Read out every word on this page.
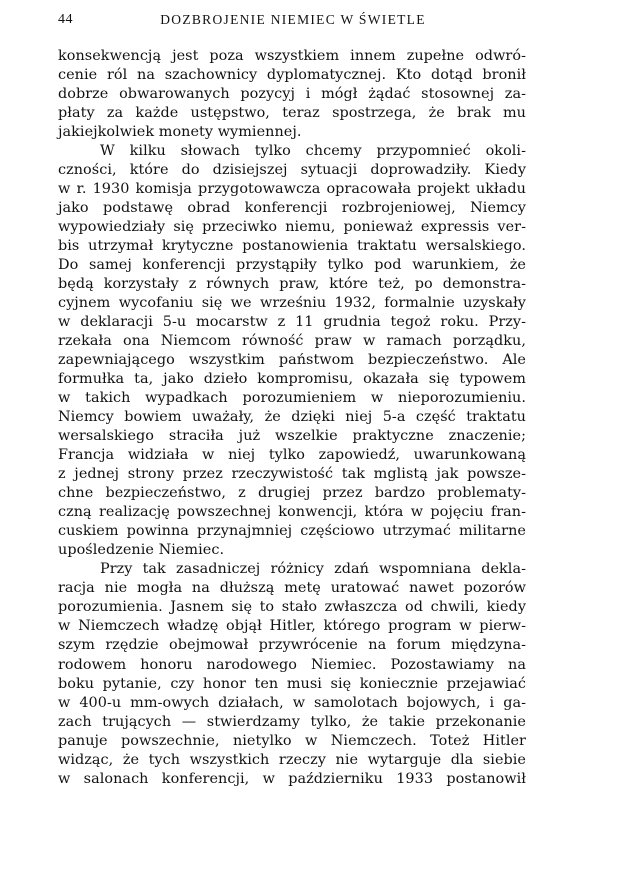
44	DOZBROJENIE NIEMIEC W ŚWIETLE
konsekwencją jest poza wszystkiem innem zupełne odwró-
cenie ról na szachownicy dyplomatycznej. Kto dotąd bronił
dobrze obwarowanych pozycyj i mógł żądać stosownej za-
płaty za każde ustępstwo, teraz spostrzega, że brak mu
jakiejkolwiek monety wymiennej.
W kilku słowach tylko chcemy przypomnieć okoli-
czności, które do dzisiejszej sytuacji doprowadziły. Kiedy
w r. 1930 komisja przygotowawcza opracowała projekt układu
jako podstawę obrad konferencji rozbrojeniowej, Niemcy
wypowiedziały się przeciwko niemu, ponieważ expressis ver-
bis utrzymał krytyczne postanowienia traktatu wersalskiego.
Do samej konferencji przystąpiły tylko pod warunkiem, że
będą korzystały z równych praw, które też, po demonstra-
cyjnem wycofaniu się we wrześniu 1932, formalnie uzyskały
w deklaracji 5-u mocarstw z 11 grudnia tegoż roku. Przy-
rzekała ona Niemcom równość praw w ramach porządku,
zapewniającego wszystkim państwom bezpieczeństwo. Ale
formułka ta, jako dzieło kompromisu, okazała się typowem
w takich wypadkach porozumieniem w nieporozumieniu.
Niemcy bowiem uważały, że dzięki niej 5-a część traktatu
wersalskiego straciła już wszelkie praktyczne znaczenie;
Francja widziała w niej tylko zapowiedź, uwarunkowaną
z jednej strony przez rzeczywistość tak mglistą jak powsze-
chne bezpieczeństwo, z drugiej przez bardzo problematy-
czną realizację powszechnej konwencji, która w pojęciu fran-
cuskiem powinna przynajmniej częściowo utrzymać militarne
upośledzenie Niemiec.
Przy tak zasadniczej różnicy zdań wspomniana dekla-
racja nie mogła na dłuższą metę uratować nawet pozorów
porozumienia. Jasnem się to stało zwłaszcza od chwili, kiedy
w Niemczech władzę objął Hitler, którego program w pierw-
szym rzędzie obejmował przywrócenie na forum międzyna-
rodowem honoru narodowego Niemiec. Pozostawiamy na
boku pytanie, czy honor ten musi się koniecznie przejawiać
w 400-u mm-owych działach, w samolotach bojowych, i ga-
zach trujących — stwierdzamy tylko, że takie przekonanie
panuje powszechnie, nietylko w Niemczech. Toteż Hitler
widząc, że tych wszystkich rzeczy nie wytarguje dla siebie
w salonach konferencji, w październiku 1933 postanowił
